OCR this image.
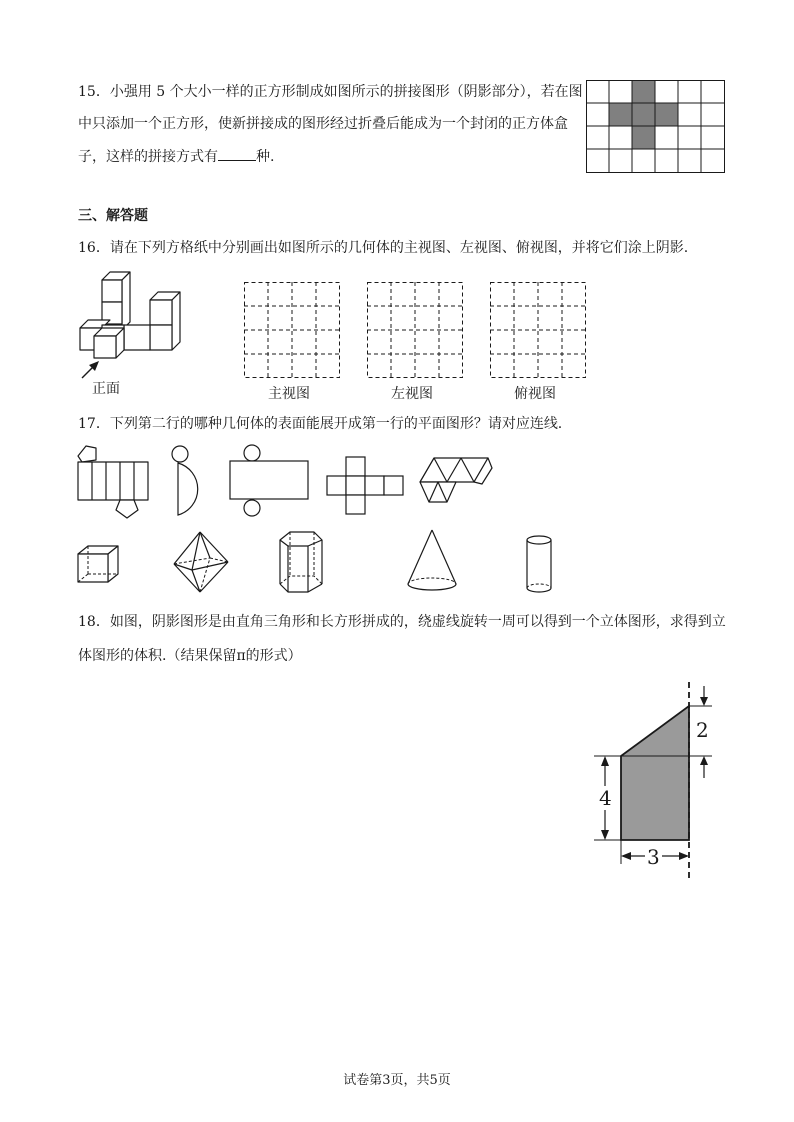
15．小强用 5 个大小一样的正方形制成如图所示的拼接图形（阴影部分），若在图
中只添加一个正方形，使新拼接成的图形经过折叠后能成为一个封闭的正方体盒
子，这样的拼接方式有	种.
三、解答题
16．请在下列方格纸中分别画出如图所示的几何体的主视图、左视图、俯视图，并将它们涂上阴影.
正面	主视图	左视图	俯视图
17．下列第二行的哪种几何体的表面能展开成第一行的平面图形？请对应连线.
18．如图，阴影图形是由直角三角形和长方形拼成的，绕虚线旋转一周可以得到一个立体图形，求得到立
体图形的体积.（结果保留π的形式）
2
4
3
试卷第3页，共5页
